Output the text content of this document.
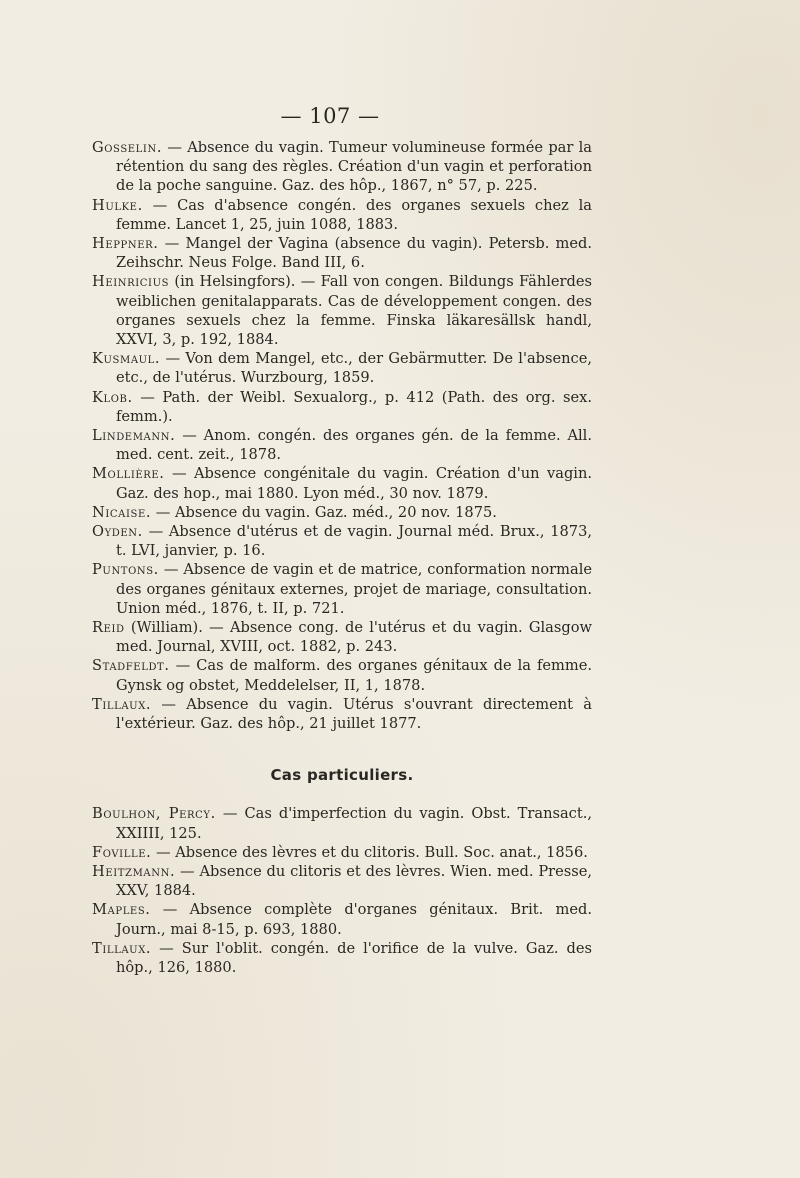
— 107 —
Gosselin. — Absence du vagin. Tumeur volumineuse formée par la rétention du sang des règles. Création d'un vagin et perforation de la poche sanguine. Gaz. des hôp., 1867, n° 57, p. 225.
Hulke. — Cas d'absence congén. des organes sexuels chez la femme. Lancet 1, 25, juin 1088, 1883.
Heppner. — Mangel der Vagina (absence du vagin). Petersb. med. Zeihschr. Neus Folge. Band III, 6.
Heinricius (in Helsingfors). — Fall von congen. Bildungs Fählerdes weiblichen genitalapparats. Cas de développement congen. des organes sexuels chez la femme. Finska läkaresällsk handl, XXVI, 3, p. 192, 1884.
Kusmaul. — Von dem Mangel, etc., der Gebärmutter. De l'absence, etc., de l'utérus. Wurzbourg, 1859.
Klob. — Path. der Weibl. Sexualorg., p. 412 (Path. des org. sex. femm.).
Lindemann. — Anom. congén. des organes gén. de la femme. All. med. cent. zeit., 1878.
Mollière. — Absence congénitale du vagin. Création d'un vagin. Gaz. des hop., mai 1880. Lyon méd., 30 nov. 1879.
Nicaise. — Absence du vagin. Gaz. méd., 20 nov. 1875.
Oyden. — Absence d'utérus et de vagin. Journal méd. Brux., 1873, t. LVI, janvier, p. 16.
Puntons. — Absence de vagin et de matrice, conformation normale des organes génitaux externes, projet de mariage, consultation. Union méd., 1876, t. II, p. 721.
Reid (William). — Absence cong. de l'utérus et du vagin. Glasgow med. Journal, XVIII, oct. 1882, p. 243.
Stadfeldt. — Cas de malform. des organes génitaux de la femme. Gynsk og obstet, Meddelelser, II, 1, 1878.
Tillaux. — Absence du vagin. Utérus s'ouvrant directement à l'extérieur. Gaz. des hôp., 21 juillet 1877.
Cas particuliers.
Boulhon, Percy. — Cas d'imperfection du vagin. Obst. Transact., XXIIII, 125.
Foville. — Absence des lèvres et du clitoris. Bull. Soc. anat., 1856.
Heitzmann. — Absence du clitoris et des lèvres. Wien. med. Presse, XXV, 1884.
Maples. — Absence complète d'organes génitaux. Brit. med. Journ., mai 8-15, p. 693, 1880.
Tillaux. — Sur l'oblit. congén. de l'orifice de la vulve. Gaz. des hôp., 126, 1880.
